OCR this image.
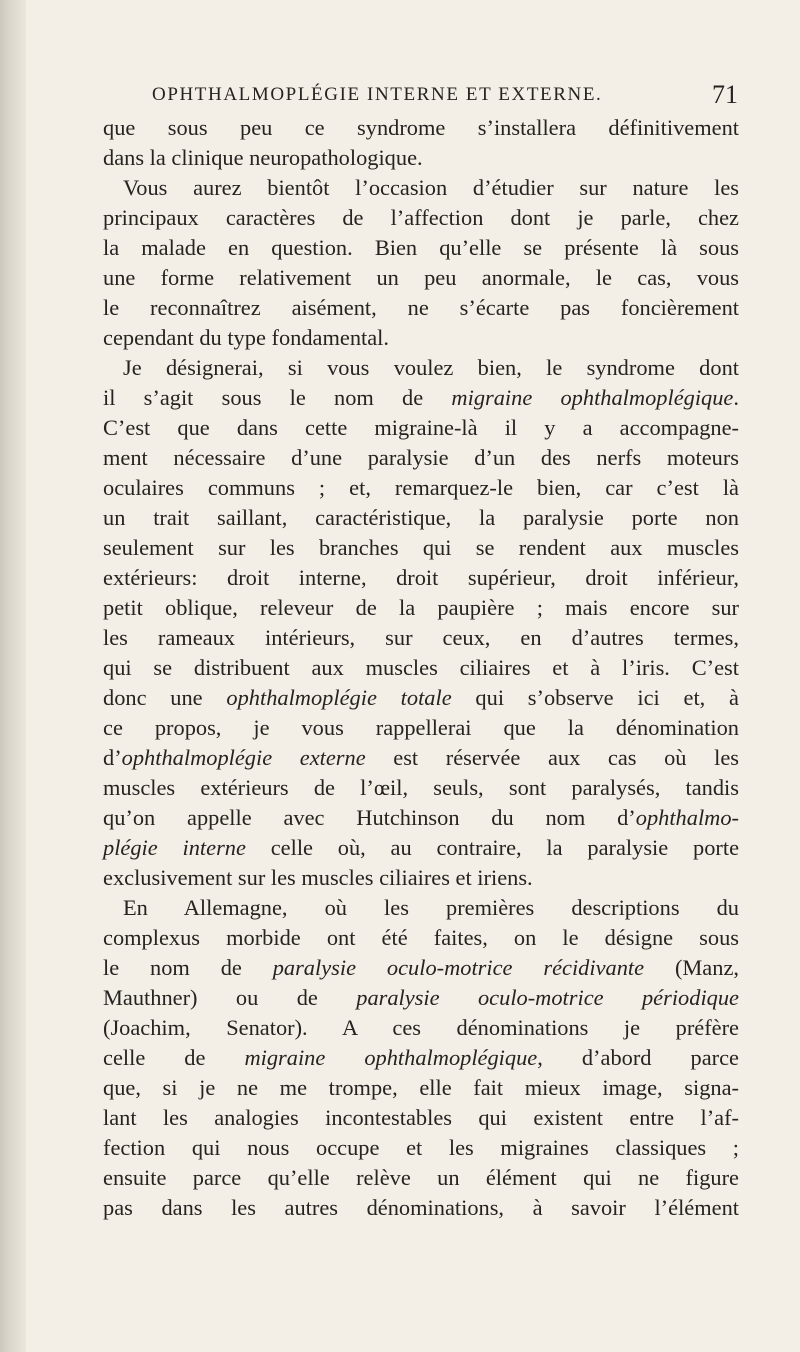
OPHTHALMOPLÉGIE INTERNE ET EXTERNE.	71
que sous peu ce syndrome s’installera définitivement
dans la clinique neuropathologique.
Vous aurez bientôt l’occasion d’étudier sur nature les
principaux caractères de l’affection dont je parle, chez
la malade en question. Bien qu’elle se présente là sous
une forme relativement un peu anormale, le cas, vous
le reconnaîtrez aisément, ne s’écarte pas foncièrement
cependant du type fondamental.
Je désignerai, si vous voulez bien, le syndrome dont
il s’agit sous le nom de migraine ophthalmoplégique.
C’est que dans cette migraine-là il y a accompagne-
ment nécessaire d’une paralysie d’un des nerfs moteurs
oculaires communs ; et, remarquez-le bien, car c’est là
un trait saillant, caractéristique, la paralysie porte non
seulement sur les branches qui se rendent aux muscles
extérieurs: droit interne, droit supérieur, droit inférieur,
petit oblique, releveur de la paupière ; mais encore sur
les rameaux intérieurs, sur ceux, en d’autres termes,
qui se distribuent aux muscles ciliaires et à l’iris. C’est
donc une ophthalmoplégie totale qui s’observe ici et, à
ce propos, je vous rappellerai que la dénomination
d’ophthalmoplégie externe est réservée aux cas où les
muscles extérieurs de l’œil, seuls, sont paralysés, tandis
qu’on appelle avec Hutchinson du nom d’ophthalmo-
plégie interne celle où, au contraire, la paralysie porte
exclusivement sur les muscles ciliaires et iriens.
En Allemagne, où les premières descriptions du
complexus morbide ont été faites, on le désigne sous
le nom de paralysie oculo-motrice récidivante (Manz,
Mauthner) ou de paralysie oculo-motrice périodique
(Joachim, Senator). A ces dénominations je préfère
celle de migraine ophthalmoplégique, d’abord parce
que, si je ne me trompe, elle fait mieux image, signa-
lant les analogies incontestables qui existent entre l’af-
fection qui nous occupe et les migraines classiques ;
ensuite parce qu’elle relève un élément qui ne figure
pas dans les autres dénominations, à savoir l’élément
